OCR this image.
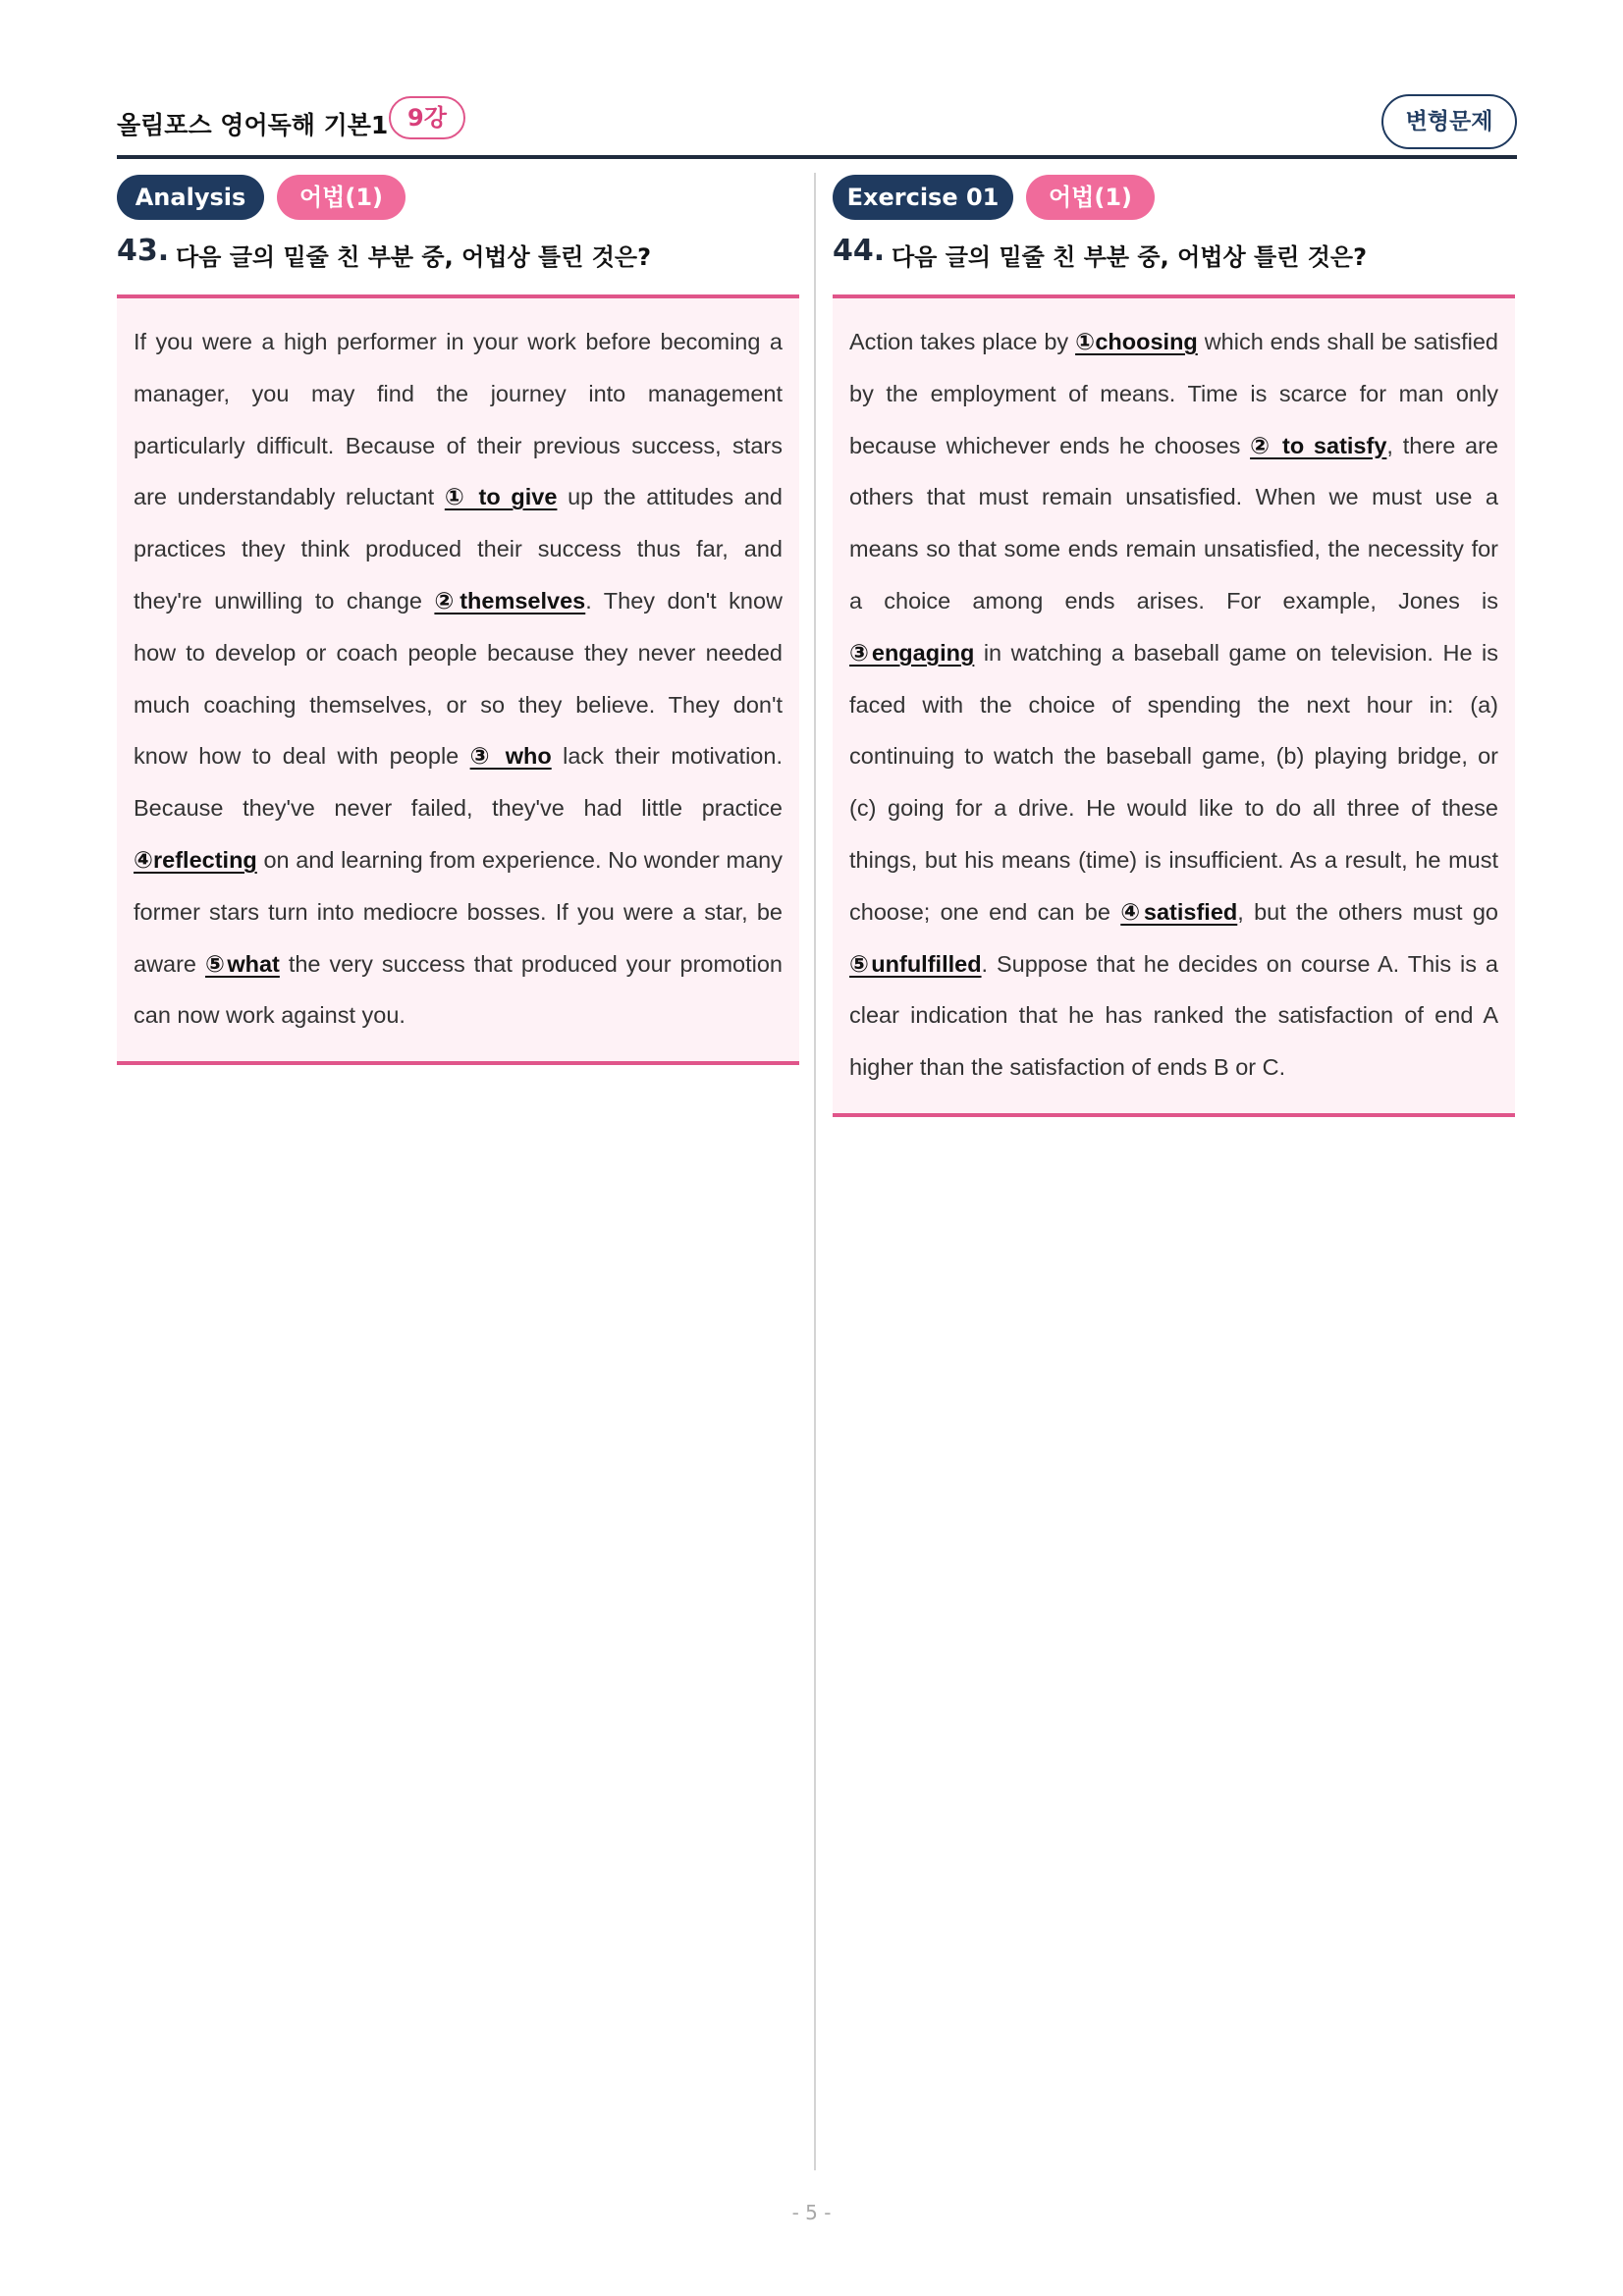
올림포스 영어독해 기본1 9강	변형문제
Analysis	어법(1)
43. 다음 글의 밑줄 친 부분 중, 어법상 틀린 것은?
If you were a high performer in your work before becoming a manager, you may find the journey into management particularly difficult. Because of their previous success, stars are understandably reluctant ① to give up the attitudes and practices they think produced their success thus far, and they're unwilling to change ②themselves. They don't know how to develop or coach people because they never needed much coaching themselves, or so they believe. They don't know how to deal with people ③ who lack their motivation. Because they've never failed, they've had little practice ④reflecting on and learning from experience. No wonder many former stars turn into mediocre bosses. If you were a star, be aware ⑤what the very success that produced your promotion can now work against you.
Exercise 01	어법(1)
44. 다음 글의 밑줄 친 부분 중, 어법상 틀린 것은?
Action takes place by ①choosing which ends shall be satisfied by the employment of means. Time is scarce for man only because whichever ends he chooses ② to satisfy, there are others that must remain unsatisfied. When we must use a means so that some ends remain unsatisfied, the necessity for a choice among ends arises. For example, Jones is ③engaging in watching a baseball game on television. He is faced with the choice of spending the next hour in: (a) continuing to watch the baseball game, (b) playing bridge, or (c) going for a drive. He would like to do all three of these things, but his means (time) is insufficient. As a result, he must choose; one end can be ④satisfied, but the others must go ⑤unfulfilled. Suppose that he decides on course A. This is a clear indication that he has ranked the satisfaction of end A higher than the satisfaction of ends B or C.
- 5 -
